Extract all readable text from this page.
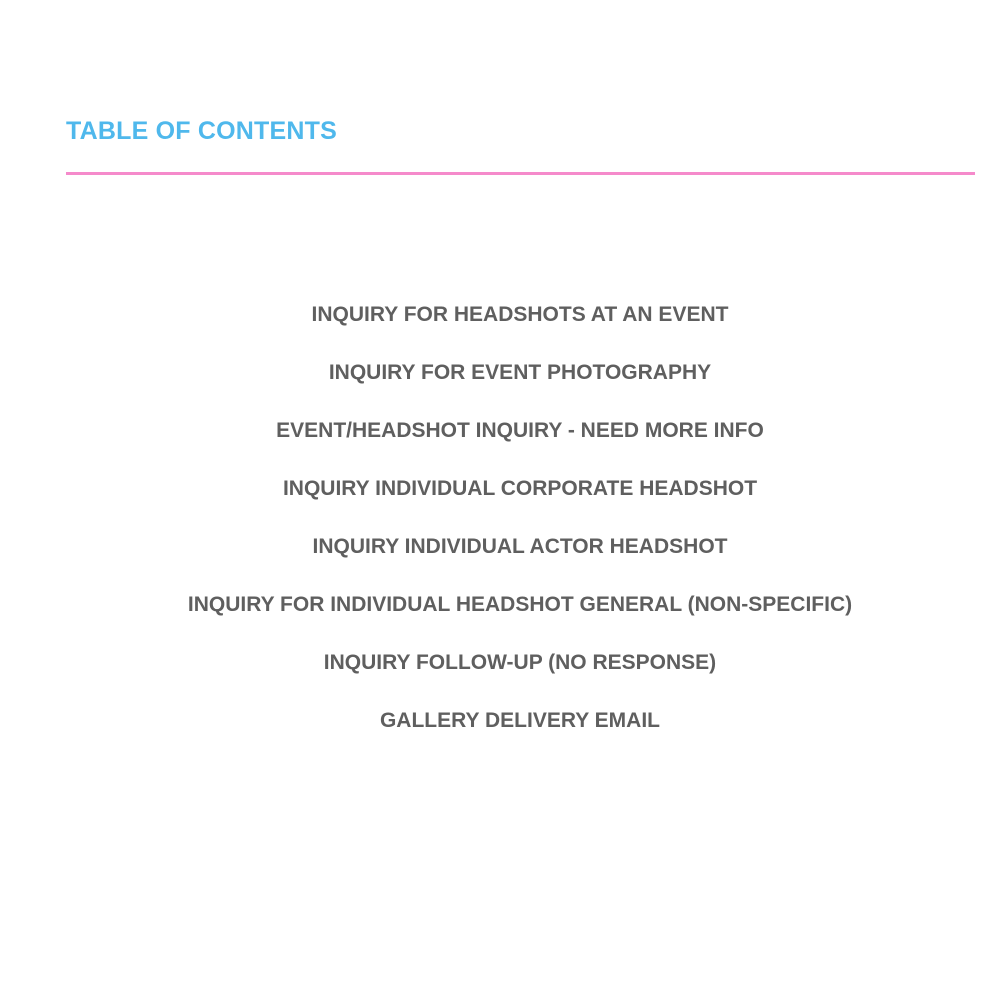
TABLE OF CONTENTS
INQUIRY FOR HEADSHOTS AT AN EVENT
INQUIRY FOR EVENT PHOTOGRAPHY
EVENT/HEADSHOT INQUIRY - NEED MORE INFO
INQUIRY INDIVIDUAL CORPORATE HEADSHOT
INQUIRY INDIVIDUAL ACTOR HEADSHOT
INQUIRY FOR INDIVIDUAL HEADSHOT GENERAL (NON-SPECIFIC)
INQUIRY FOLLOW-UP (NO RESPONSE)
GALLERY DELIVERY EMAIL
